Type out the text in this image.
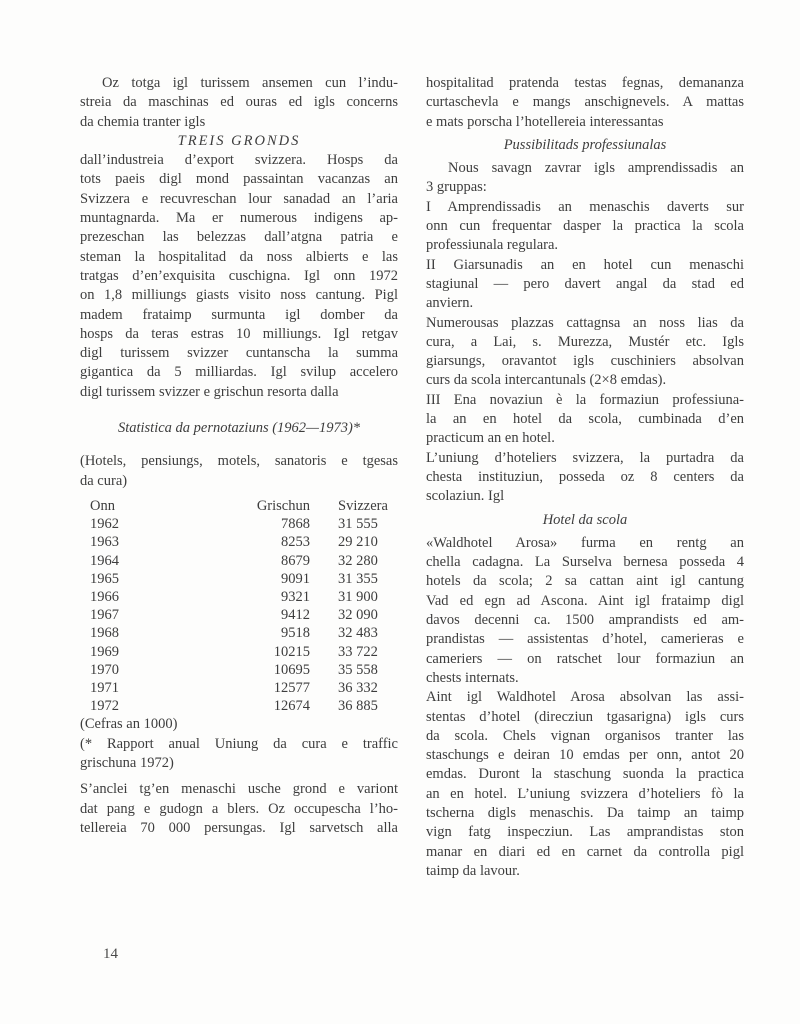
Oz totga igl turissem ansemen cun l’indu-
streia da maschinas ed ouras ed igls concerns
da chemia tranter igls
TREIS GRONDS
dall’industreia d’export svizzera. Hosps da
tots paeis digl mond passaintan vacanzas an
Svizzera e recuvreschan lour sanadad an l’aria
muntagnarda. Ma er numerous indigens ap-
prezeschan las belezzas dall’atgna patria e
steman la hospitalitad da noss albierts e las
tratgas d’en’exquisita cuschigna. Igl onn 1972
on 1,8 milliungs giasts visito noss cantung. Pigl
madem frataimp surmunta igl domber da
hosps da teras estras 10 milliungs. Igl retgav
digl turissem svizzer cuntanscha la summa
gigantica da 5 milliardas. Igl svilup accelero
digl turissem svizzer e grischun resorta dalla
Statistica da pernotaziuns (1962—1973)*
(Hotels, pensiungs, motels, sanatoris e tgesas
da cura)
Onn	Grischun	Svizzera
1962	7868	31 555
1963	8253	29 210
1964	8679	32 280
1965	9091	31 355
1966	9321	31 900
1967	9412	32 090
1968	9518	32 483
1969	10215	33 722
1970	10695	35 558
1971	12577	36 332
1972	12674	36 885
(Cefras an 1000)
(* Rapport anual Uniung da cura e traffic
grischuna 1972)
S’anclei tg’en menaschi usche grond e variont
dat pang e gudogn a blers. Oz occupescha l’ho-
tellereia 70 000 persungas. Igl sarvetsch alla
hospitalitad pratenda testas fegnas, demananza
curtaschevla e mangs anschignevels. A mattas
e mats porscha l’hotellereia interessantas
Pussibilitads professiunalas
Nous savagn zavrar igls amprendissadis an
3 gruppas:
I Amprendissadis an menaschis daverts sur
onn cun frequentar dasper la practica la scola
professiunala regulara.
II Giarsunadis an en hotel cun menaschi
stagiunal — pero davert angal da stad ed
anviern.
Numerousas plazzas cattagnsa an noss lias da
cura, a Lai, s. Murezza, Mustér etc. Igls
giarsungs, oravantot igls cuschiniers absolvan
curs da scola intercantunals (2×8 emdas).
III Ena novaziun è la formaziun professiuna-
la an en hotel da scola, cumbinada d’en
practicum an en hotel.
L’uniung d’hoteliers svizzera, la purtadra da
chesta instituziun, posseda oz 8 centers da
scolaziun. Igl
Hotel da scola
«Waldhotel Arosa» furma en rentg an
chella cadagna. La Surselva bernesa posseda 4
hotels da scola; 2 sa cattan aint igl cantung
Vad ed egn ad Ascona. Aint igl frataimp digl
davos decenni ca. 1500 amprandists ed am-
prandistas — assistentas d’hotel, camerieras e
cameriers — on ratschet lour formaziun an
chests internats.
Aint igl Waldhotel Arosa absolvan las assi-
stentas d’hotel (direcziun tgasarigna) igls curs
da scola. Chels vignan organisos tranter las
staschungs e deiran 10 emdas per onn, antot 20
emdas. Duront la staschung suonda la practica
an en hotel. L’uniung svizzera d’hoteliers fò la
tscherna digls menaschis. Da taimp an taimp
vign fatg inspecziun. Las amprandistas ston
manar en diari ed en carnet da controlla pigl
taimp da lavour.
14
